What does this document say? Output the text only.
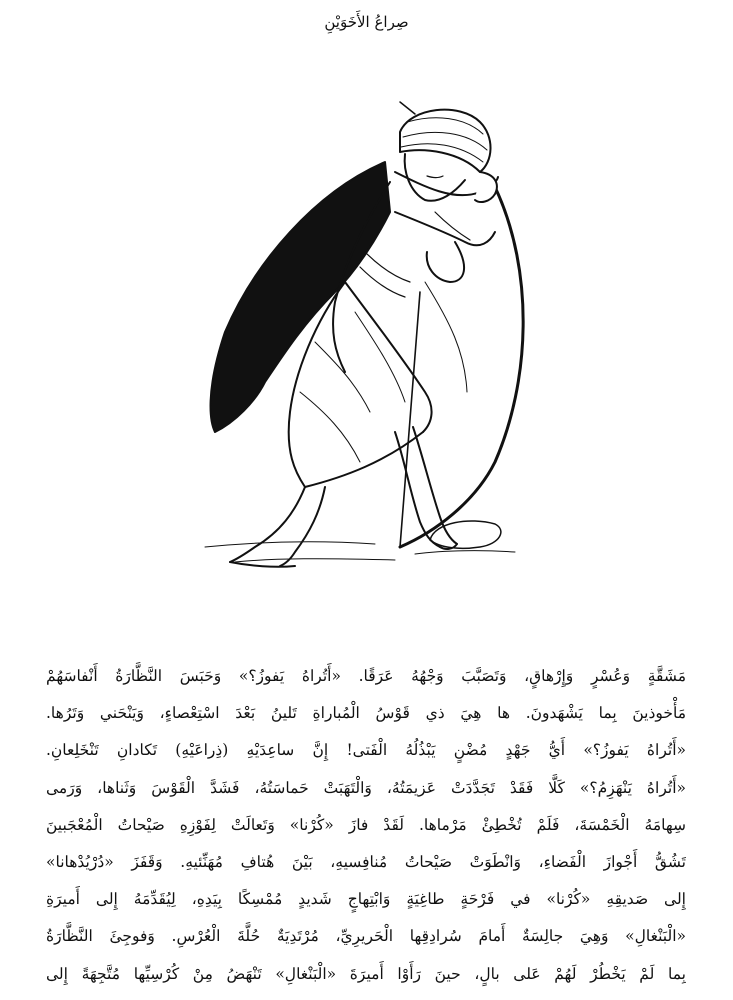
صِراعُ الأَخَوَيْنِ
مَشَقَّةٍ وَعُسْرٍ وَإِرْهاقٍ، وَتَصَبَّبَ وَجْهُهُ عَرَقًا. «أَتُراهُ يَفوزُ؟» وَحَبَسَ النَّظَّارَةُ أَنْفاسَهُمْ
مَأْخوذينَ بِما يَشْهَدونَ. ها هِيَ ذي قَوْسُ الْمُباراةِ تَلينُ بَعْدَ اسْتِعْصاءٍ، وَيَنْحَني وَتَرُها.
«أَتُراهُ يَفوزُ؟» أَيُّ جَهْدٍ مُضْنٍ يَبْذُلُهُ الْفَتى! إِنَّ ساعِدَيْهِ (ذِراعَيْهِ) تَكادانِ تَنْخَلِعانِ.
«أَتُراهُ يَنْهَزِمُ؟» كَلَّا فَقَدْ تَجَدَّدَتْ عَزيمَتُهُ، وَالْتَهَبَتْ حَماسَتُهُ، فَشَدَّ الْقَوْسَ وَثَناها، وَرَمى
سِهامَهُ الْخَمْسَةَ، فَلَمْ تُخْطِئْ مَرْماها. لَقَدْ فازَ «كُرْنا» وَتَعالَتْ لِفَوْزِهِ صَيْحاتُ الْمُعْجَبينَ
تَشُقُّ أَجْوازَ الْفَضاءِ، وَانْطَوَتْ صَيْحاتُ مُنافِسيهِ، بَيْنَ هُتافِ مُهَنِّئيهِ. وَقَفَزَ «دُرْيُدْهانا»
إِلى صَديقِهِ «كُرْنا» في فَرْحَةٍ طاغِيَةٍ وَابْتِهاجٍ شَديدٍ مُمْسِكًا بِيَدِهِ، لِيُقَدِّمَهُ إِلى أَميرَةِ
«الْبَنْغالِ» وَهِيَ جالِسَةٌ أَمامَ سُرادِقِها الْحَريرِيِّ، مُرْتَدِيَةٌ حُلَّةَ الْعُرْسِ. وَفوجِئَ النَّظَّارَةُ
بِما لَمْ يَخْطُرْ لَهُمْ عَلى بالٍ، حينَ رَأَوْا أَميرَةَ «الْبَنْغالِ» تَنْهَضُ مِنْ كُرْسِيِّها مُتَّجِهَةً إِلى
